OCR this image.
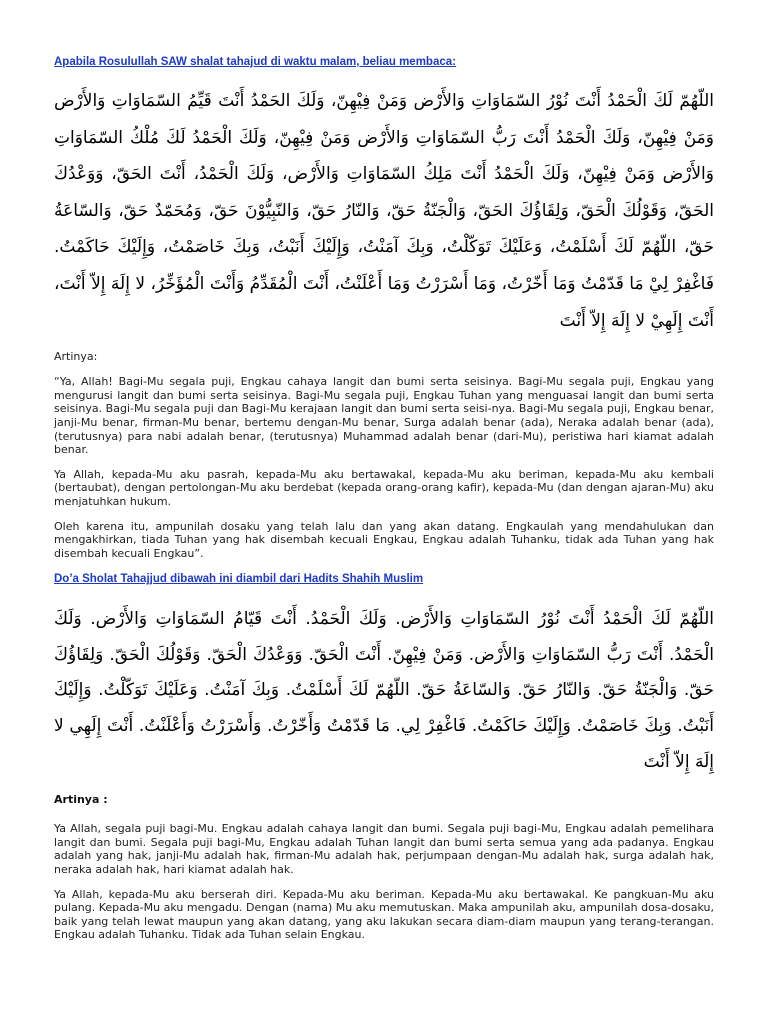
Apabila Rosulullah SAW shalat tahajud di waktu malam, beliau membaca:

اللّهُمّ لَكَ الْحَمْدُ أَنْتَ نُوْرُ السّمَاوَاتِ وَالأَرْض وَمَنْ فِيْهِنّ، وَلَكَ الحَمْدُ أَنْتَ قَيِّمُ السّمَاوَاتِ وَالأَرْض وَمَنْ فِيْهِنّ، وَلَكَ الْحَمْدُ أَنْتَ رَبُّ السّمَاوَاتِ وَالأَرْض وَمَنْ فِيْهِنّ، وَلَكَ الْحَمْدُ لَكَ مُلْكُ السّمَاوَاتِ وَالأَرْض وَمَنْ فِيْهِنّ، وَلَكَ الْحَمْدُ أَنْتَ مَلِكُ السّمَاوَاتِ وَالأَرْض، وَلَكَ الْحَمْدُ، أَنْتَ الحَقّ، وَوَعْدُكَ الحَقّ، وَقَوْلُكَ الْحَقّ، وَلِقَاؤُكَ الحَقّ، وَالْجَنّةُ حَقّ، وَالنّارُ حَقّ، وَالنّبِيُّوْنَ حَقّ، وَمُحَمّدٌ حَقّ، وَالسّاعَةُ حَقّ، اللّهُمّ لَكَ أَسْلَمْتُ، وَعَلَيْكَ تَوَكّلْتُ، وَبِكَ آمَنْتُ، وَإِلَيْكَ أَنَبْتُ، وَبِكَ خَاصَمْتُ، وَإِلَيْكَ حَاكَمْتُ. فَاغْفِرْ لِيْ مَا قَدّمْتُ وَمَا أَخّرْتُ، وَمَا أَسْرَرْتُ وَمَا أَعْلَنْتُ، أَنْتَ الْمُقَدِّمُ وَأَنْتَ الْمُؤَخِّرُ، لا إِلَهَ إِلاّ أَنْتَ، أَنْتَ إِلَهِيْ لا إِلَهَ إِلاّ أَنْتَ

Artinya:

“Ya, Allah! Bagi-Mu segala puji, Engkau cahaya langit dan bumi serta seisinya. Bagi-Mu segala puji, Engkau yang mengurusi langit dan bumi serta seisinya. Bagi-Mu segala puji, Engkau Tuhan yang menguasai langit dan bumi serta seisinya. Bagi-Mu segala puji dan Bagi-Mu kerajaan langit dan bumi serta seisi-nya. Bagi-Mu segala puji, Engkau benar, janji-Mu benar, firman-Mu benar, bertemu dengan-Mu benar, Surga adalah benar (ada), Neraka adalah benar (ada), (terutusnya) para nabi adalah benar, (terutusnya) Muhammad adalah benar (dari-Mu), peristiwa hari kiamat adalah benar.

Ya Allah, kepada-Mu aku pasrah, kepada-Mu aku bertawakal, kepada-Mu aku beriman, kepada-Mu aku kembali (bertaubat), dengan pertolongan-Mu aku berdebat (kepada orang-orang kafir), kepada-Mu (dan dengan ajaran-Mu) aku menjatuhkan hukum.

Oleh karena itu, ampunilah dosaku yang telah lalu dan yang akan datang. Engkaulah yang mendahulukan dan mengakhirkan, tiada Tuhan yang hak disembah kecuali Engkau, Engkau adalah Tuhanku, tidak ada Tuhan yang hak disembah kecuali Engkau”.

Do’a Sholat Tahajjud dibawah ini diambil dari Hadits Shahih Muslim

اللّهُمّ لَكَ الْحَمْدُ أَنْتَ نُوْرُ السّمَاوَاتِ وَالأَرْض. وَلَكَ الْحَمْدُ. أَنْتَ قَيّامُ السّمَاوَاتِ وَالأَرْض. وَلَكَ الْحَمْدُ. أَنْتَ رَبُّ السّمَاوَاتِ وَالأَرْض. وَمَنْ فِيْهِنّ. أَنْتَ الْحَقّ. وَوَعْدُكَ الْحَقّ. وَقَوْلُكَ الْحَقّ. وَلِقَاؤُكَ حَقّ. وَالْجَنّةُ حَقّ. وَالنّارُ حَقّ. وَالسّاعَةُ حَقّ. اللّهُمّ لَكَ أَسْلَمْتُ. وَبِكَ آمَنْتُ. وَعَلَيْكَ تَوَكّلْتُ. وَإِلَيْكَ أَنَبْتُ. وَبِكَ خَاصَمْتُ. وَإِلَيْكَ حَاكَمْتُ. فَاغْفِرْ لِي. مَا قَدّمْتُ وَأَخّرْتُ. وَأَسْرَرْتُ وَأَعْلَنْتُ. أَنْتَ إِلَهِي لا إِلَهَ إِلاّ أَنْتَ

Artinya :

Ya Allah, segala puji bagi-Mu. Engkau adalah cahaya langit dan bumi. Segala puji bagi-Mu, Engkau adalah pemelihara langit dan bumi. Segala puji bagi-Mu, Engkau adalah Tuhan langit dan bumi serta semua yang ada padanya. Engkau adalah yang hak, janji-Mu adalah hak, firman-Mu adalah hak, perjumpaan dengan-Mu adalah hak, surga adalah hak, neraka adalah hak, hari kiamat adalah hak.

Ya Allah, kepada-Mu aku berserah diri. Kepada-Mu aku beriman. Kepada-Mu aku bertawakal. Ke pangkuan-Mu aku pulang. Kepada-Mu aku mengadu. Dengan (nama) Mu aku memutuskan. Maka ampunilah aku, ampunilah dosa-dosaku, baik yang telah lewat maupun yang akan datang, yang aku lakukan secara diam-diam maupun yang terang-terangan. Engkau adalah Tuhanku. Tidak ada Tuhan selain Engkau.
